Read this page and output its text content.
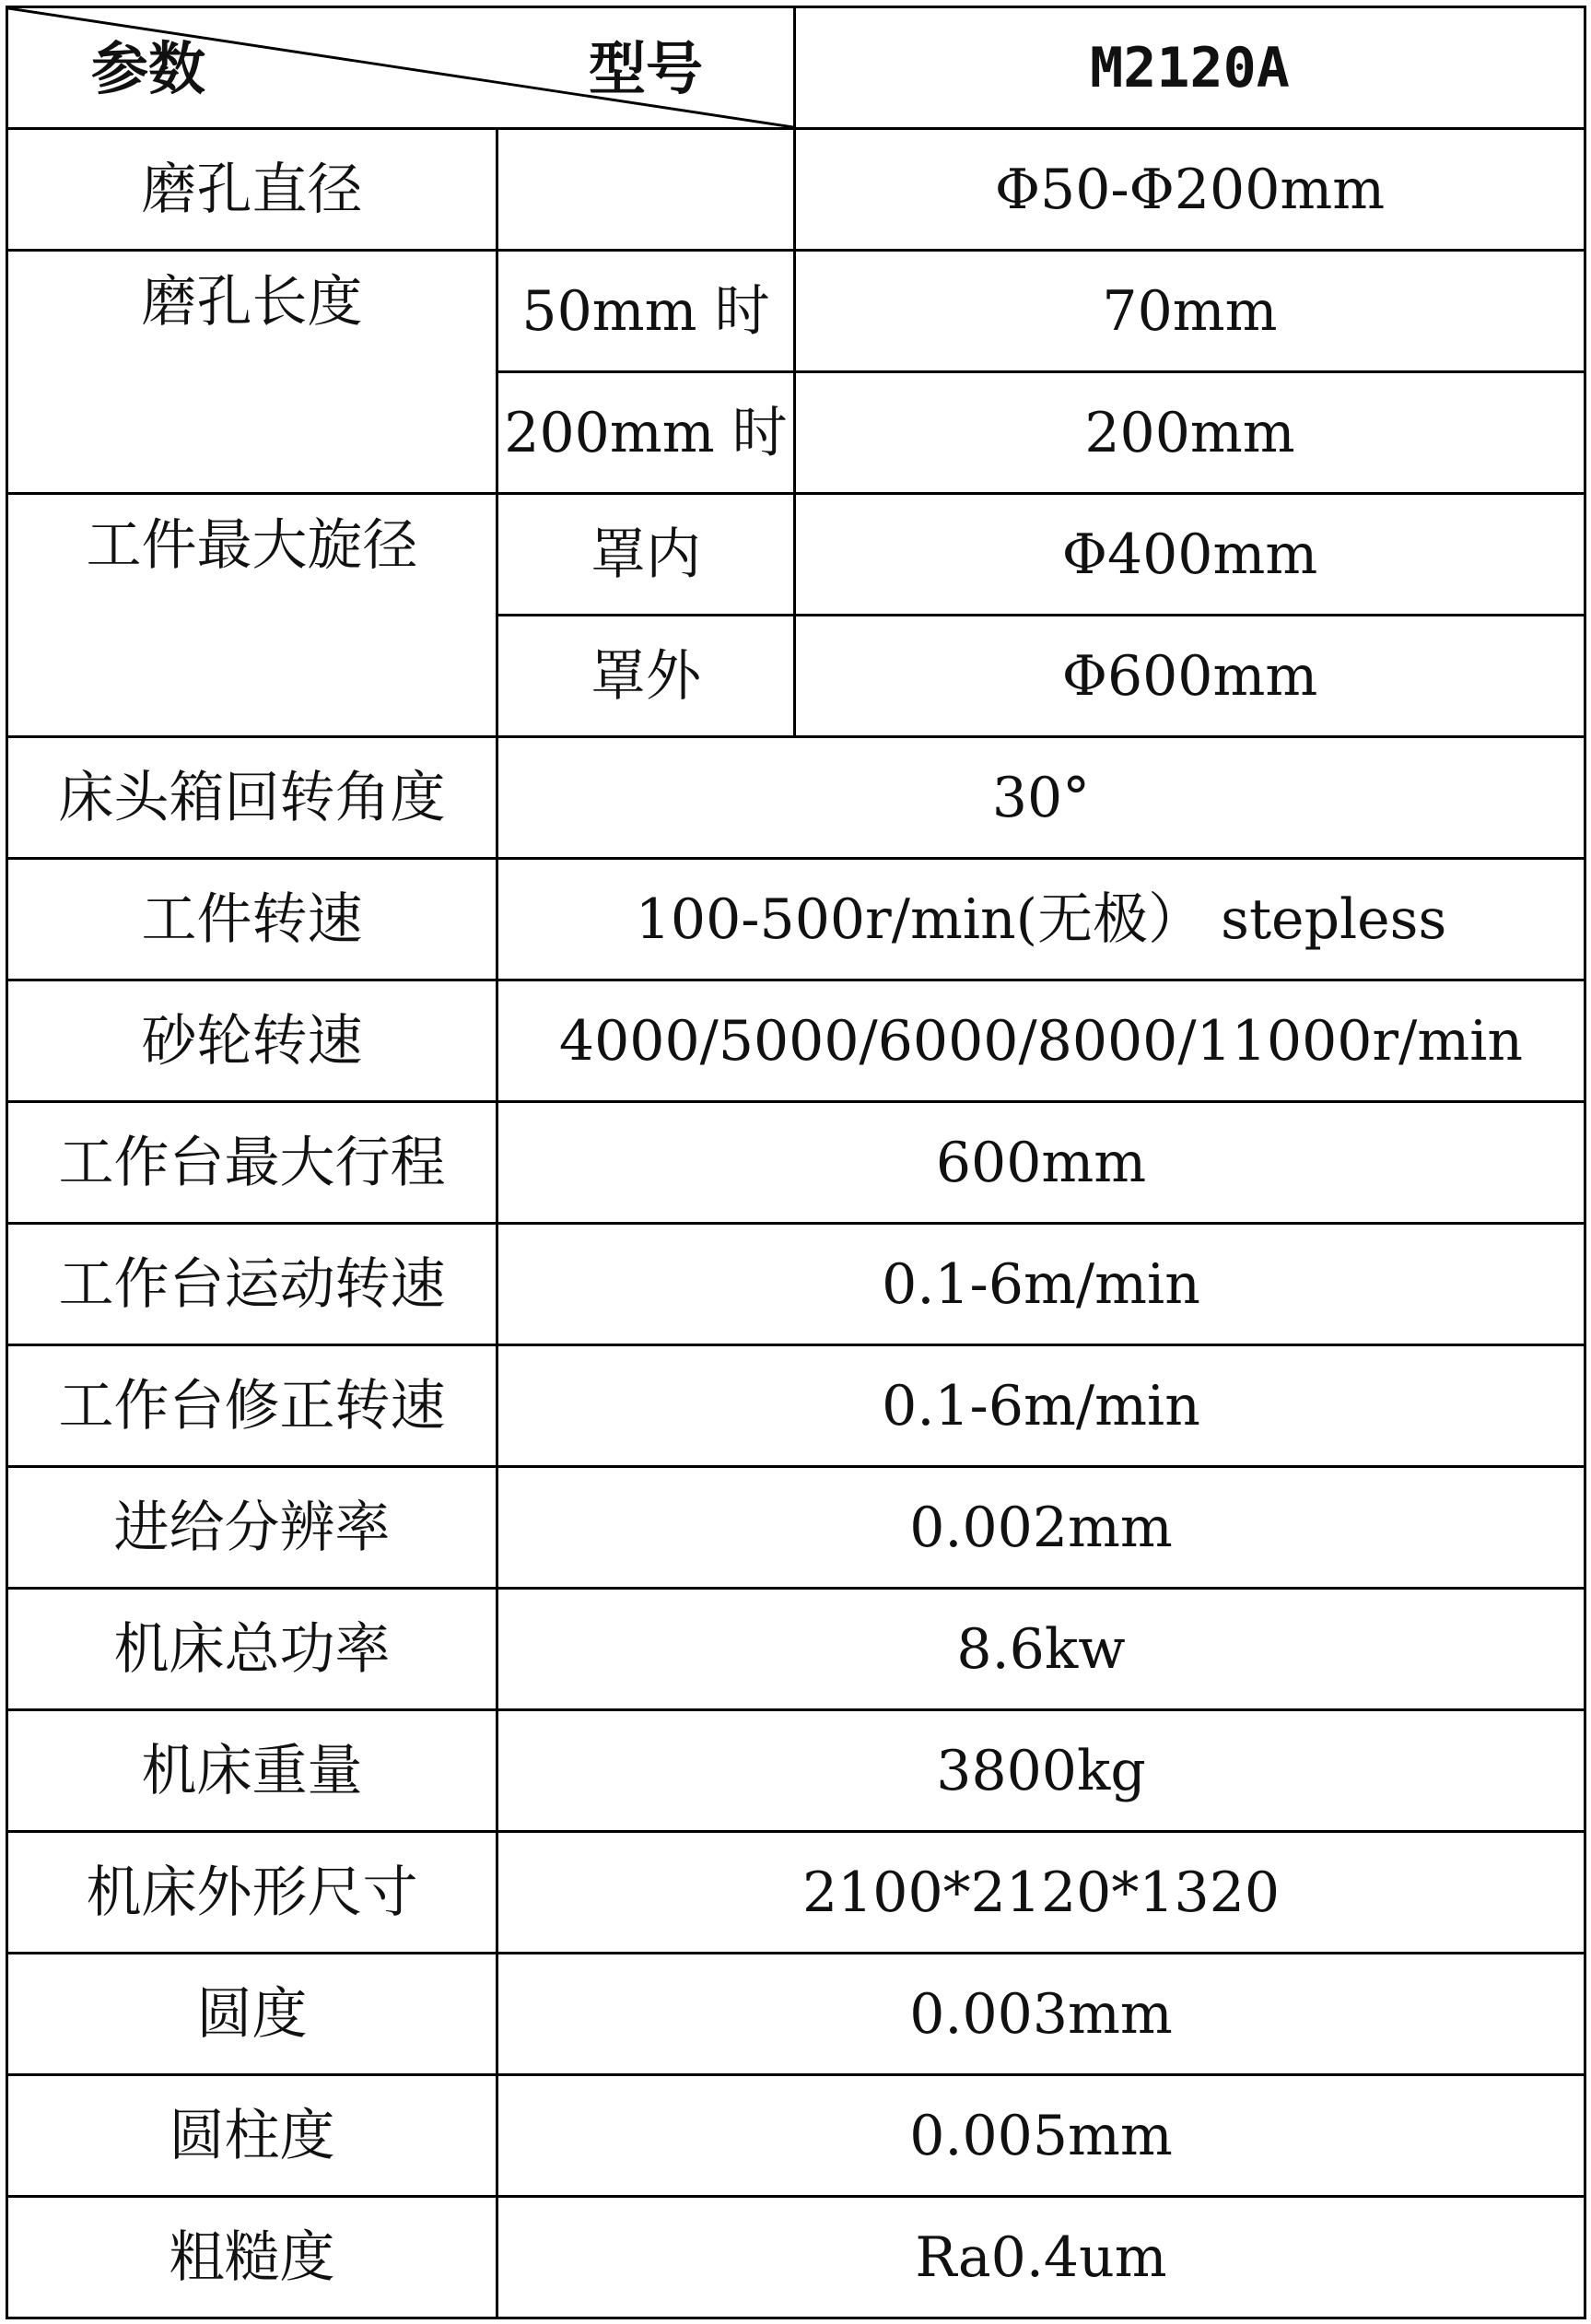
参数 型号		M2120A
磨孔直径		Φ50-Φ200mm
磨孔长度	50mm 时	70mm
	200mm 时	200mm
工件最大旋径	罩内	Φ400mm
	罩外	Φ600mm
床头箱回转角度	30°	
工件转速	100-500r/min(无极） stepless	
砂轮转速	4000/5000/6000/8000/11000r/min	
工作台最大行程	600mm	
工作台运动转速	0.1-6m/min	
工作台修正转速	0.1-6m/min	
进给分辨率	0.002mm	
机床总功率	8.6kw	
机床重量	3800kg	
机床外形尺寸	2100*2120*1320	
圆度	0.003mm	
圆柱度	0.005mm	
粗糙度	Ra0.4um	
